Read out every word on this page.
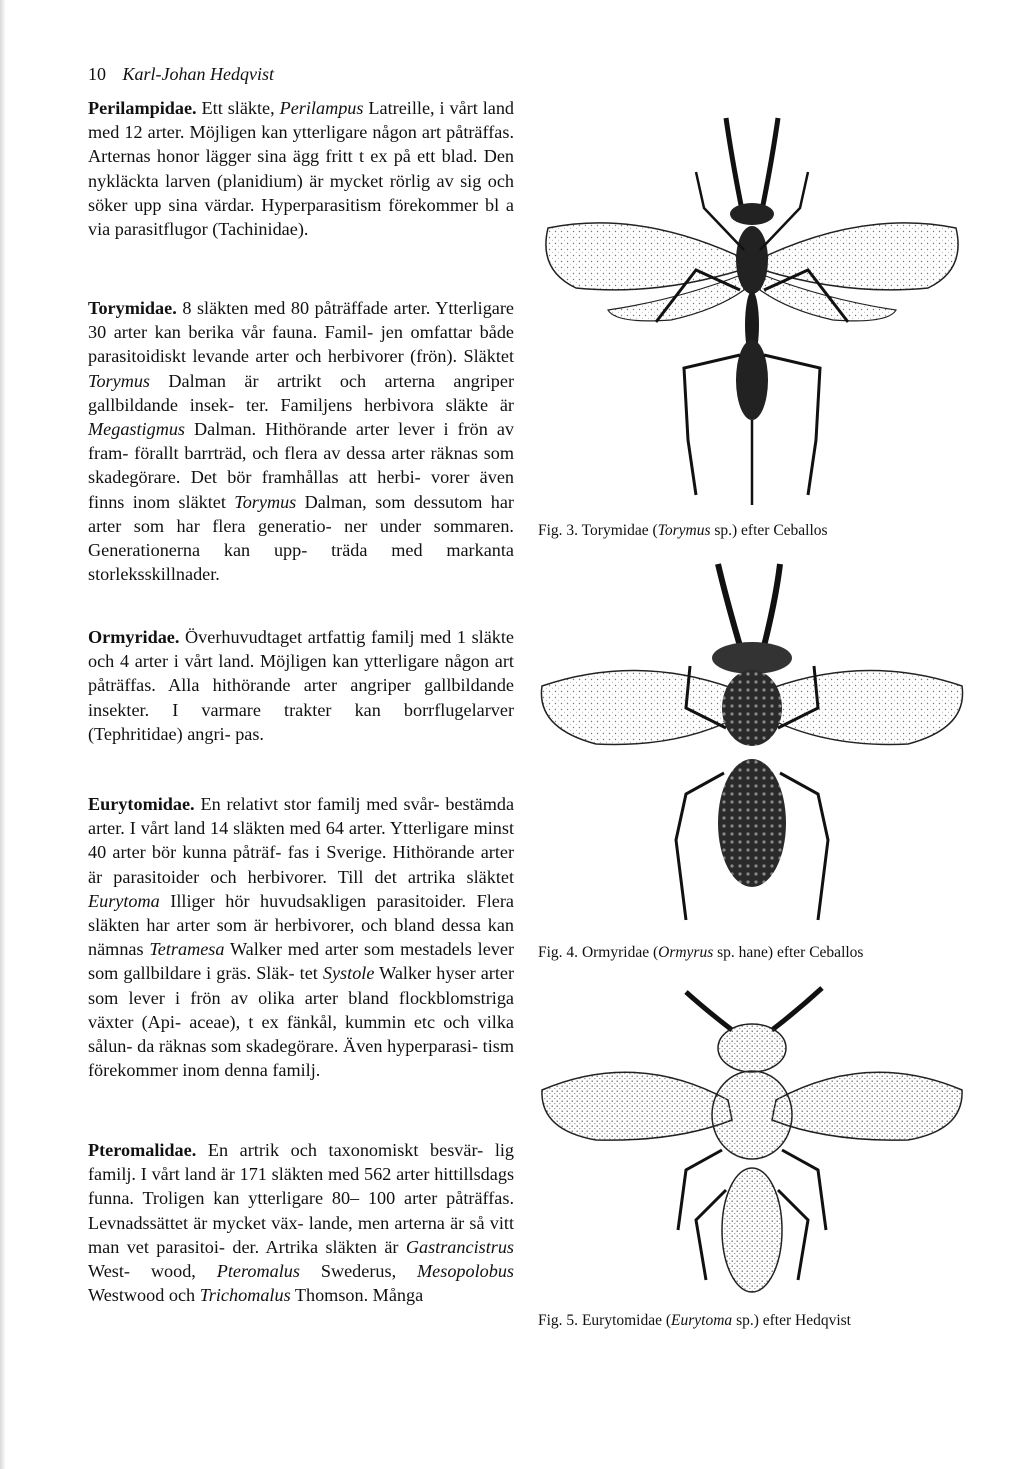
10 Karl-Johan Hedqvist

Perilampidae. Ett släkte, Perilampus Latreille, i vårt land med 12 arter. Möjligen kan ytterligare någon art påträffas. Arternas honor lägger sina ägg fritt t ex på ett blad. Den nykläckta larven (planidium) är mycket rörlig av sig och söker upp sina värdar. Hyperparasitism förekommer bl a via parasitflugor (Tachinidae).

Torymidae. 8 släkten med 80 påträffade arter. Ytterligare 30 arter kan berika vår fauna. Famil- jen omfattar både parasitoidiskt levande arter och herbivorer (frön). Släktet Torymus Dalman är artrikt och arterna angriper gallbildande insek- ter. Familjens herbivora släkte är Megastigmus Dalman. Hithörande arter lever i frön av fram- förallt barrträd, och flera av dessa arter räknas som skadegörare. Det bör framhållas att herbi- vorer även finns inom släktet Torymus Dalman, som dessutom har arter som har flera generatio- ner under sommaren. Generationerna kan upp- träda med markanta storleksskillnader.

Ormyridae. Överhuvudtaget artfattig familj med 1 släkte och 4 arter i vårt land. Möjligen kan ytterligare någon art påträffas. Alla hithörande arter angriper gallbildande insekter. I varmare trakter kan borrflugelarver (Tephritidae) angri- pas.

Eurytomidae. En relativt stor familj med svår- bestämda arter. I vårt land 14 släkten med 64 arter. Ytterligare minst 40 arter bör kunna påträf- fas i Sverige. Hithörande arter är parasitoider och herbivorer. Till det artrika släktet Eurytoma Illiger hör huvudsakligen parasitoider. Flera släkten har arter som är herbivorer, och bland dessa kan nämnas Tetramesa Walker med arter som mestadels lever som gallbildare i gräs. Släk- tet Systole Walker hyser arter som lever i frön av olika arter bland flockblomstriga växter (Api- aceae), t ex fänkål, kummin etc och vilka sålun- da räknas som skadegörare. Även hyperparasi- tism förekommer inom denna familj.

Pteromalidae. En artrik och taxonomiskt besvär- lig familj. I vårt land är 171 släkten med 562 arter hittillsdags funna. Troligen kan ytterligare 80– 100 arter påträffas. Levnadssättet är mycket väx- lande, men arterna är så vitt man vet parasitoi- der. Artrika släkten är Gastrancistrus West- wood, Pteromalus Swederus, Mesopolobus Westwood och Trichomalus Thomson. Många

Fig. 3. Torymidae (Torymus sp.) efter Ceballos
Fig. 4. Ormyridae (Ormyrus sp. hane) efter Ceballos
Fig. 5. Eurytomidae (Eurytoma sp.) efter Hedqvist
